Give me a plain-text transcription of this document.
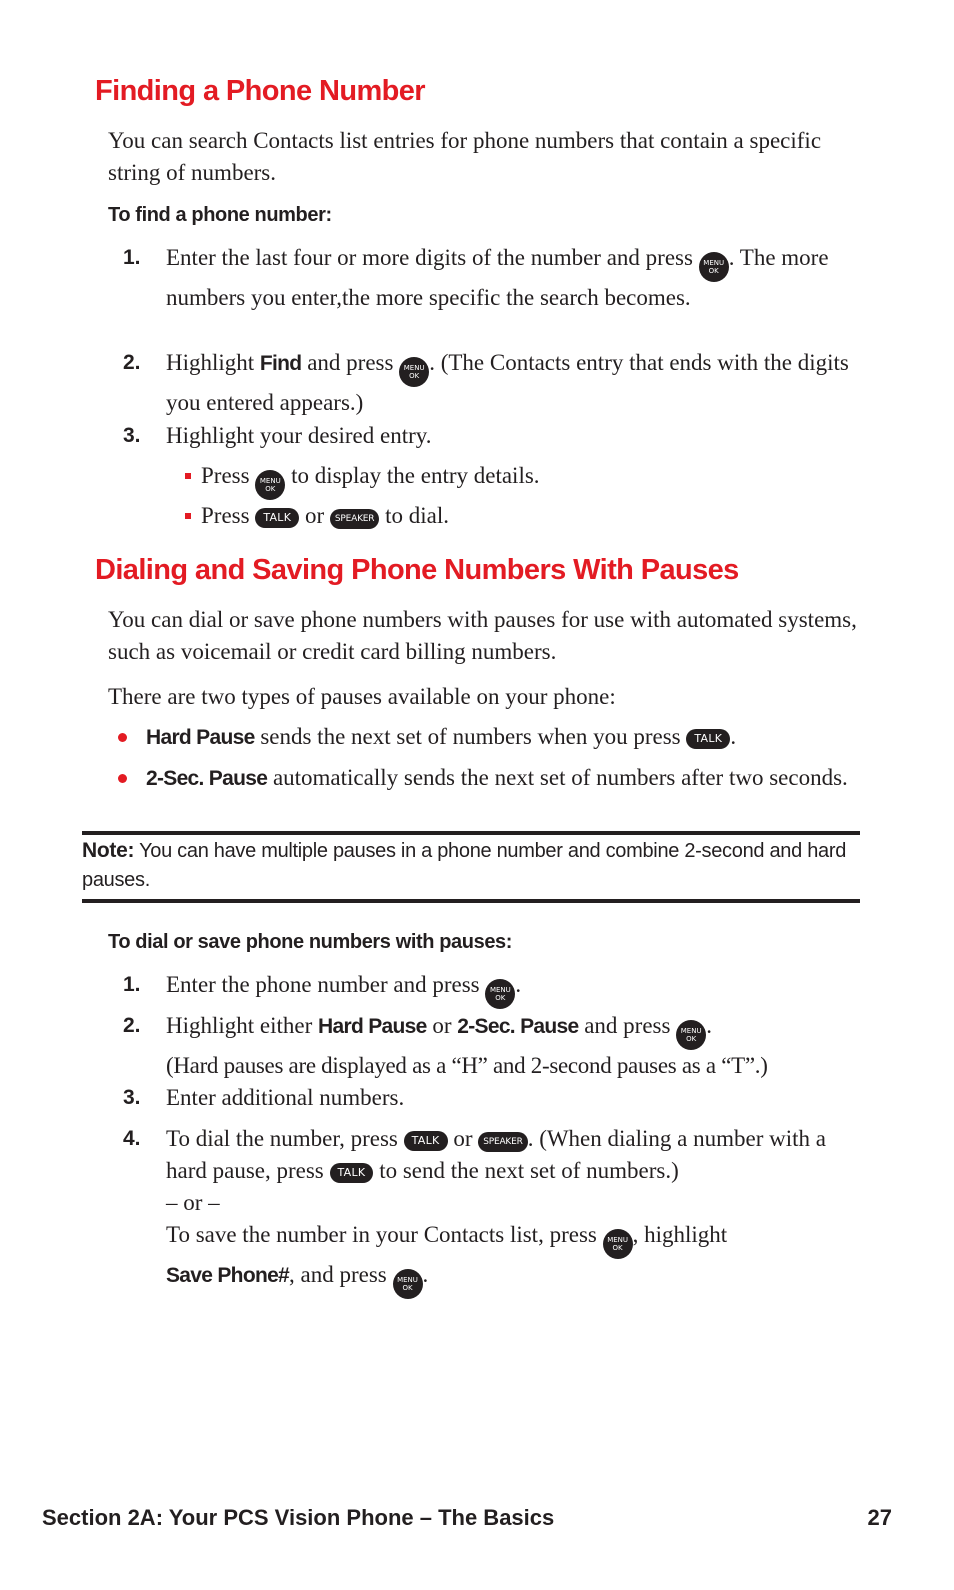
Finding a Phone Number

You can search Contacts list entries for phone numbers that contain a specific string of numbers.

To find a phone number:

1. Enter the last four or more digits of the number and press MENU
OK. The more numbers you enter,the more specific the search becomes.
2. Highlight Find and press MENU
OK. (The Contacts entry that ends with the digits you entered appears.)
3. Highlight your desired entry.
Press MENU
OK to display the entry details.
Press TALK or SPEAKER to dial.
Dialing and Saving Phone Numbers With Pauses

You can dial or save phone numbers with pauses for use with automated systems, such as voicemail or credit card billing numbers.

There are two types of pauses available on your phone:

Hard Pause sends the next set of numbers when you press TALK .
2-Sec. Pause automatically sends the next set of numbers after two seconds.
Note: You can have multiple pauses in a phone number and combine 2-second and hard pauses.

To dial or save phone numbers with pauses:

1. Enter the phone number and press MENU
OK.
2. Highlight either Hard Pause or 2-Sec. Pause and press MENU
OK.
(Hard pauses are displayed as a “H” and 2-second pauses as a “T”.)
3. Enter additional numbers.
4. To dial the number, press TALK or SPEAKER . (When dialing a number with a hard pause, press TALK to send the next set of numbers.)
– or –
To save the number in your Contacts list, press MENU
OK, highlight
Save Phone#, and press MENU
OK.
Section 2A: Your PCS Vision Phone – The Basics	27
